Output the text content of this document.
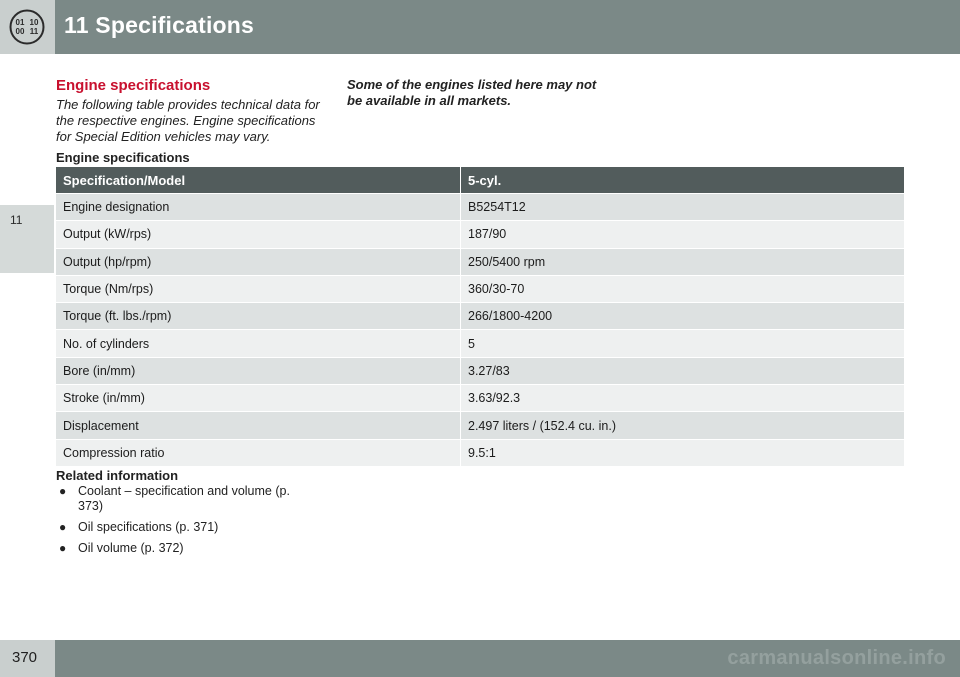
01 10
00 11 11 Specifications
11
Engine specifications
The following table provides technical data for the respective engines. Engine specifications for Special Edition vehicles may vary.
Some of the engines listed here may not be available in all markets.
Engine specifications
Specification/Model	5-cyl.
Engine designation	B5254T12
Output (kW/rps)	187/90
Output (hp/rpm)	250/5400 rpm
Torque (Nm/rps)	360/30-70
Torque (ft. lbs./rpm)	266/1800-4200
No. of cylinders	5
Bore (in/mm)	3.27/83
Stroke (in/mm)	3.63/92.3
Displacement	2.497 liters / (152.4 cu. in.)
Compression ratio	9.5:1
Related information
● Coolant – specification and volume (p. 373)
● Oil specifications (p. 371)
● Oil volume (p. 372)
370	carmanualsonline.info
